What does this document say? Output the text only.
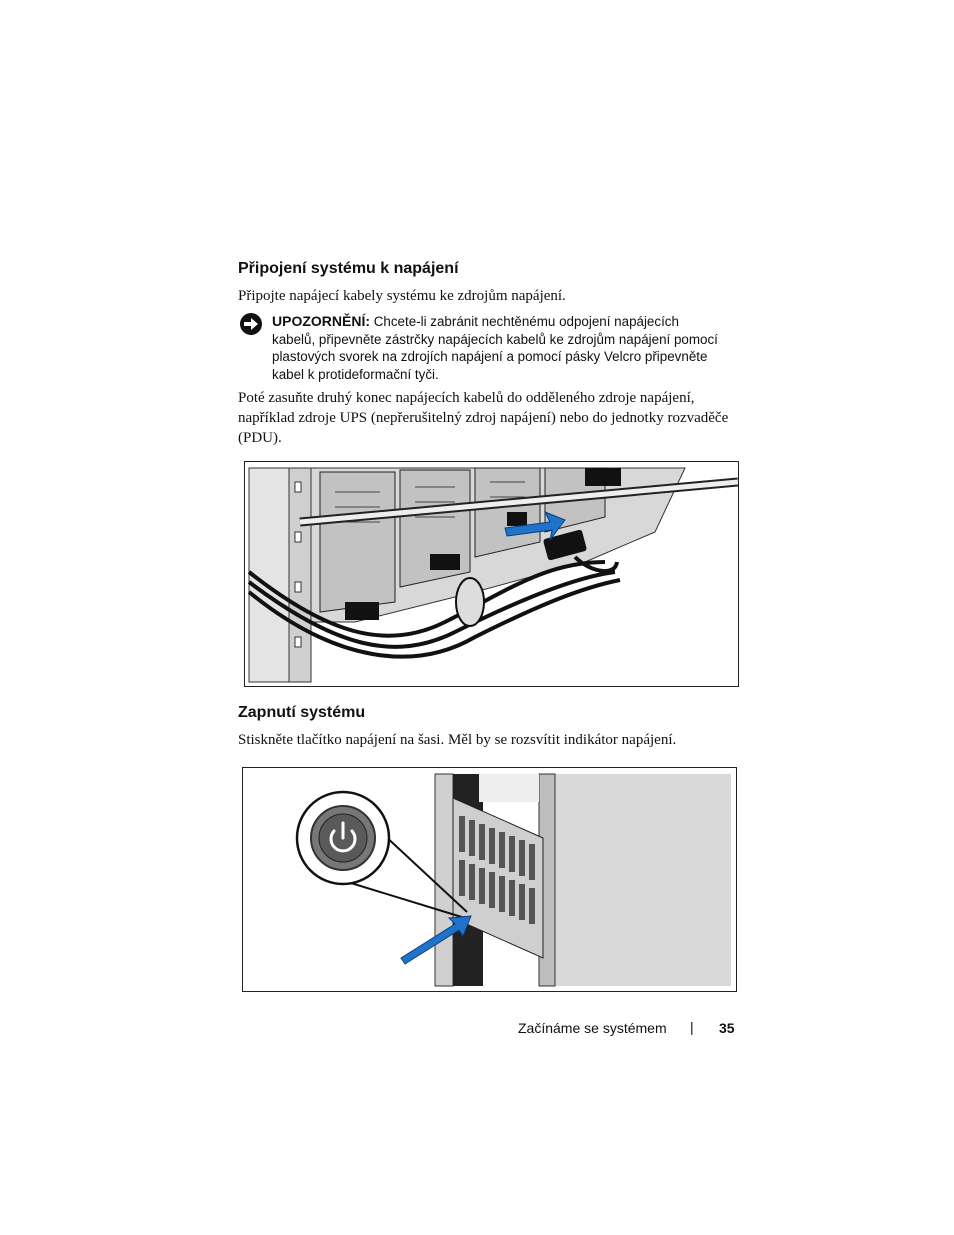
Připojení systému k napájení
Připojte napájecí kabely systému ke zdrojům napájení.
UPOZORNĚNÍ: Chcete-li zabránit nechtěnému odpojení napájecích
kabelů, připevněte zástrčky napájecích kabelů ke zdrojům napájení pomocí
plastových svorek na zdrojích napájení a pomocí pásky Velcro připevněte
kabel k protideformační tyči.
Poté zasuňte druhý konec napájecích kabelů do odděleného zdroje napájení,
například zdroje UPS (nepřerušitelný zdroj napájení) nebo do jednotky rozvaděče
(PDU).
Zapnutí systému
Stiskněte tlačítko napájení na šasi. Měl by se rozsvítit indikátor napájení.
Začínáme se systémem | 35
